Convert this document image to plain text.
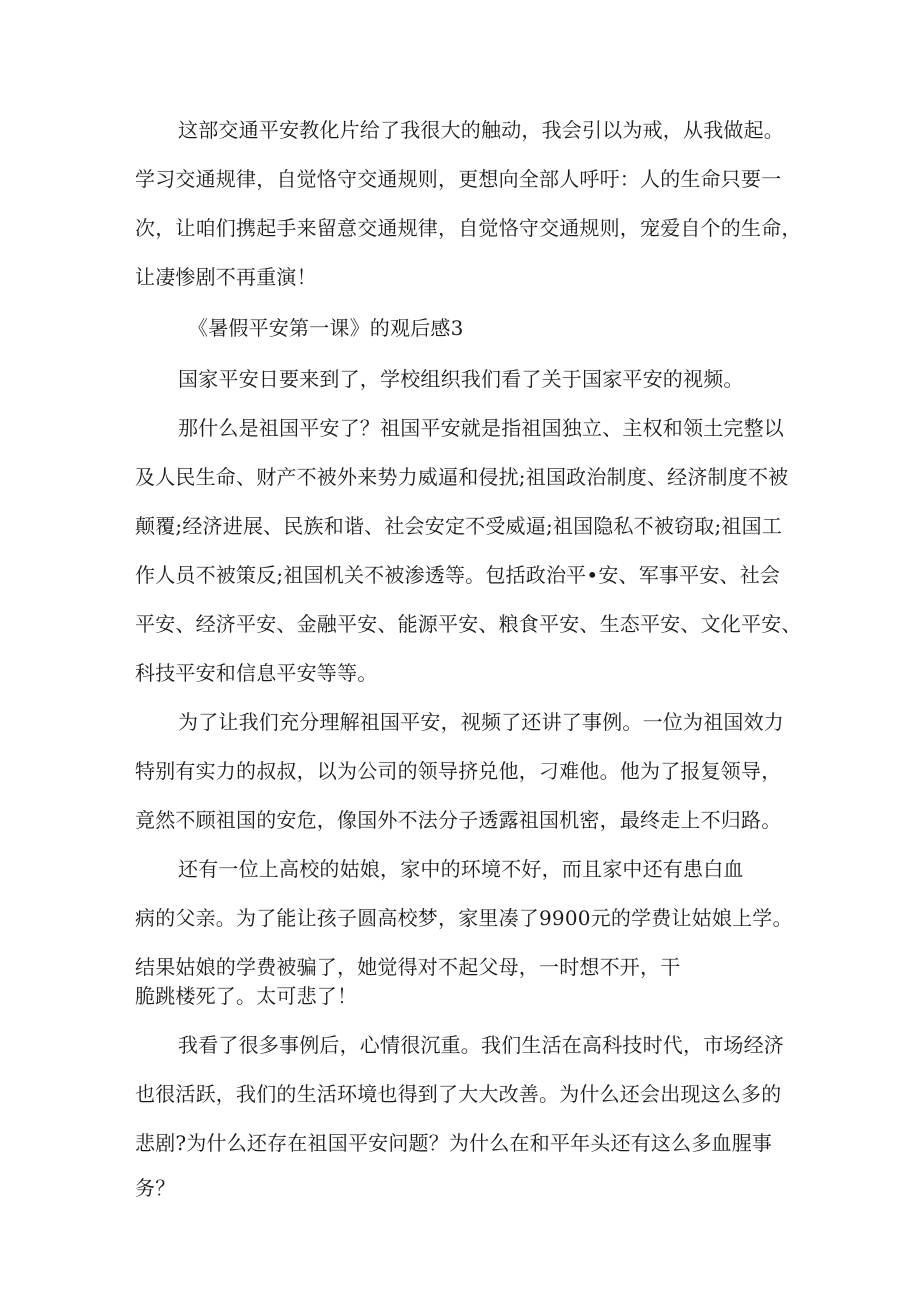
这部交通平安教化片给了我很大的触动，我会引以为戒，从我做起。
学习交通规律，自觉恪守交通规则，更想向全部人呼吁：人的生命只要一
次，让咱们携起手来留意交通规律，自觉恪守交通规则，宠爱自个的生命，
让凄惨剧不再重演！
《暑假平安第一课》的观后感3
国家平安日要来到了，学校组织我们看了关于国家平安的视频。
那什么是祖国平安了？祖国平安就是指祖国独立、主权和领土完整以
及人民生命、财产不被外来势力威逼和侵扰;祖国政治制度、经济制度不被
颠覆;经济进展、民族和谐、社会安定不受威逼;祖国隐私不被窃取;祖国工
作人员不被策反;祖国机关不被渗透等。包括政治平•安、军事平安、社会
平安、经济平安、金融平安、能源平安、粮食平安、生态平安、文化平安、
科技平安和信息平安等等。
为了让我们充分理解祖国平安，视频了还讲了事例。一位为祖国效力
特别有实力的叔叔，以为公司的领导挤兑他，刁难他。他为了报复领导，
竟然不顾祖国的安危，像国外不法分子透露祖国机密，最终走上不归路。
还有一位上高校的姑娘，家中的环境不好，而且家中还有患白血
病的父亲。为了能让孩子圆高校梦，家里凑了9900元的学费让姑娘上学。
结果姑娘的学费被骗了，她觉得对不起父母，一时想不开，干
脆跳楼死了。太可悲了！
我看了很多事例后，心情很沉重。我们生活在高科技时代，市场经济
也很活跃，我们的生活环境也得到了大大改善。为什么还会出现这么多的
悲剧?为什么还存在祖国平安问题？为什么在和平年头还有这么多血腥事
务？
